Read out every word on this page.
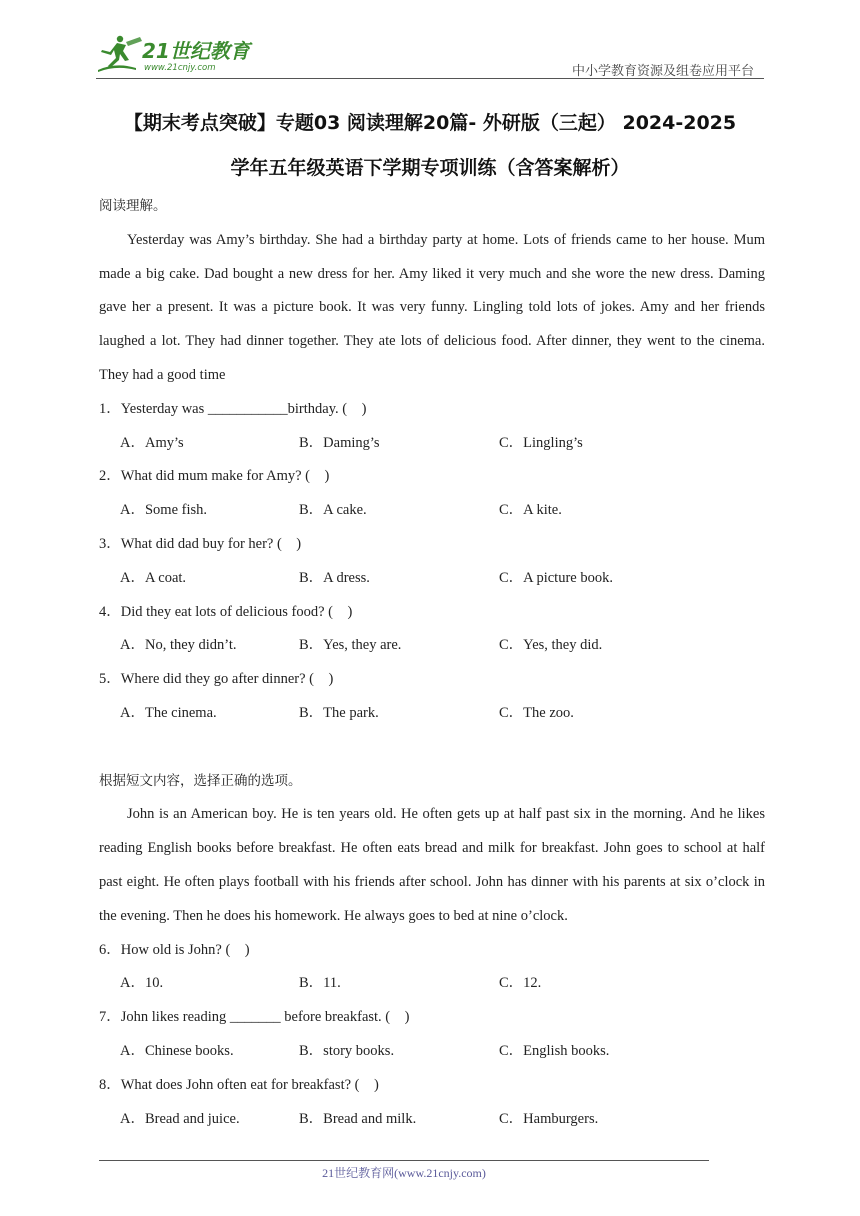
21世纪教育
www.21cnjy.com	中小学教育资源及组卷应用平台
【期末考点突破】专题03 阅读理解20篇- 外研版（三起） 2024-2025
学年五年级英语下学期专项训练（含答案解析）
阅读理解。
Yesterday was Amy’s birthday. She had a birthday party at home. Lots of friends came to her house. Mum made a big cake. Dad bought a new dress for her. Amy liked it very much and she wore the new dress. Daming gave her a present. It was a picture book. It was very funny. Lingling told lots of jokes. Amy and her friends laughed a lot. They had dinner together. They ate lots of delicious food. After dinner, they went to the cinema. They had a good time
1．Yesterday was ___________birthday. (　)
A．Amy’s	B．Daming’s	C．Lingling’s
2．What did mum make for Amy? (　)
A．Some fish.	B．A cake.	C．A kite.
3．What did dad buy for her? (　)
A．A coat.	B．A dress.	C．A picture book.
4．Did they eat lots of delicious food? (　)
A．No, they didn’t.	B．Yes, they are.	C．Yes, they did.
5．Where did they go after dinner? (　)
A．The cinema.	B．The park.	C．The zoo.
根据短文内容，选择正确的选项。
John is an American boy. He is ten years old. He often gets up at half past six in the morning. And he likes reading English books before breakfast. He often eats bread and milk for breakfast. John goes to school at half past eight. He often plays football with his friends after school. John has dinner with his parents at six o’clock in the evening. Then he does his homework. He always goes to bed at nine o’clock.
6．How old is John? (　)
A．10.	B．11.	C．12.
7．John likes reading _______ before breakfast. (　)
A．Chinese books.	B．story books.	C．English books.
8．What does John often eat for breakfast? (　)
A．Bread and juice.	B．Bread and milk.	C．Hamburgers.
21世纪教育网(www.21cnjy.com)
